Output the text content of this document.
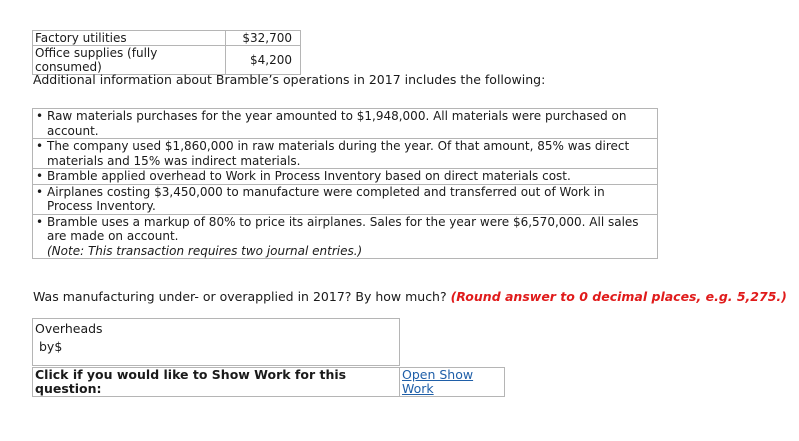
Factory utilities	$32,700
Office supplies (fully consumed)	$4,200
Additional information about Bramble’s operations in 2017 includes the following:
• Raw materials purchases for the year amounted to $1,948,000. All materials were purchased on account.
• The company used $1,860,000 in raw materials during the year. Of that amount, 85% was direct materials and 15% was indirect materials.
• Bramble applied overhead to Work in Process Inventory based on direct materials cost.
• Airplanes costing $3,450,000 to manufacture were completed and transferred out of Work in Process Inventory.
• Bramble uses a markup of 80% to price its airplanes. Sales for the year were $6,570,000. All sales are made on account.
(Note: This transaction requires two journal entries.)
Was manufacturing under- or overapplied in 2017? By how much? (Round answer to 0 decimal places, e.g. 5,275.)
Overheads
by$
Click if you would like to Show Work for this question:	Open Show Work
